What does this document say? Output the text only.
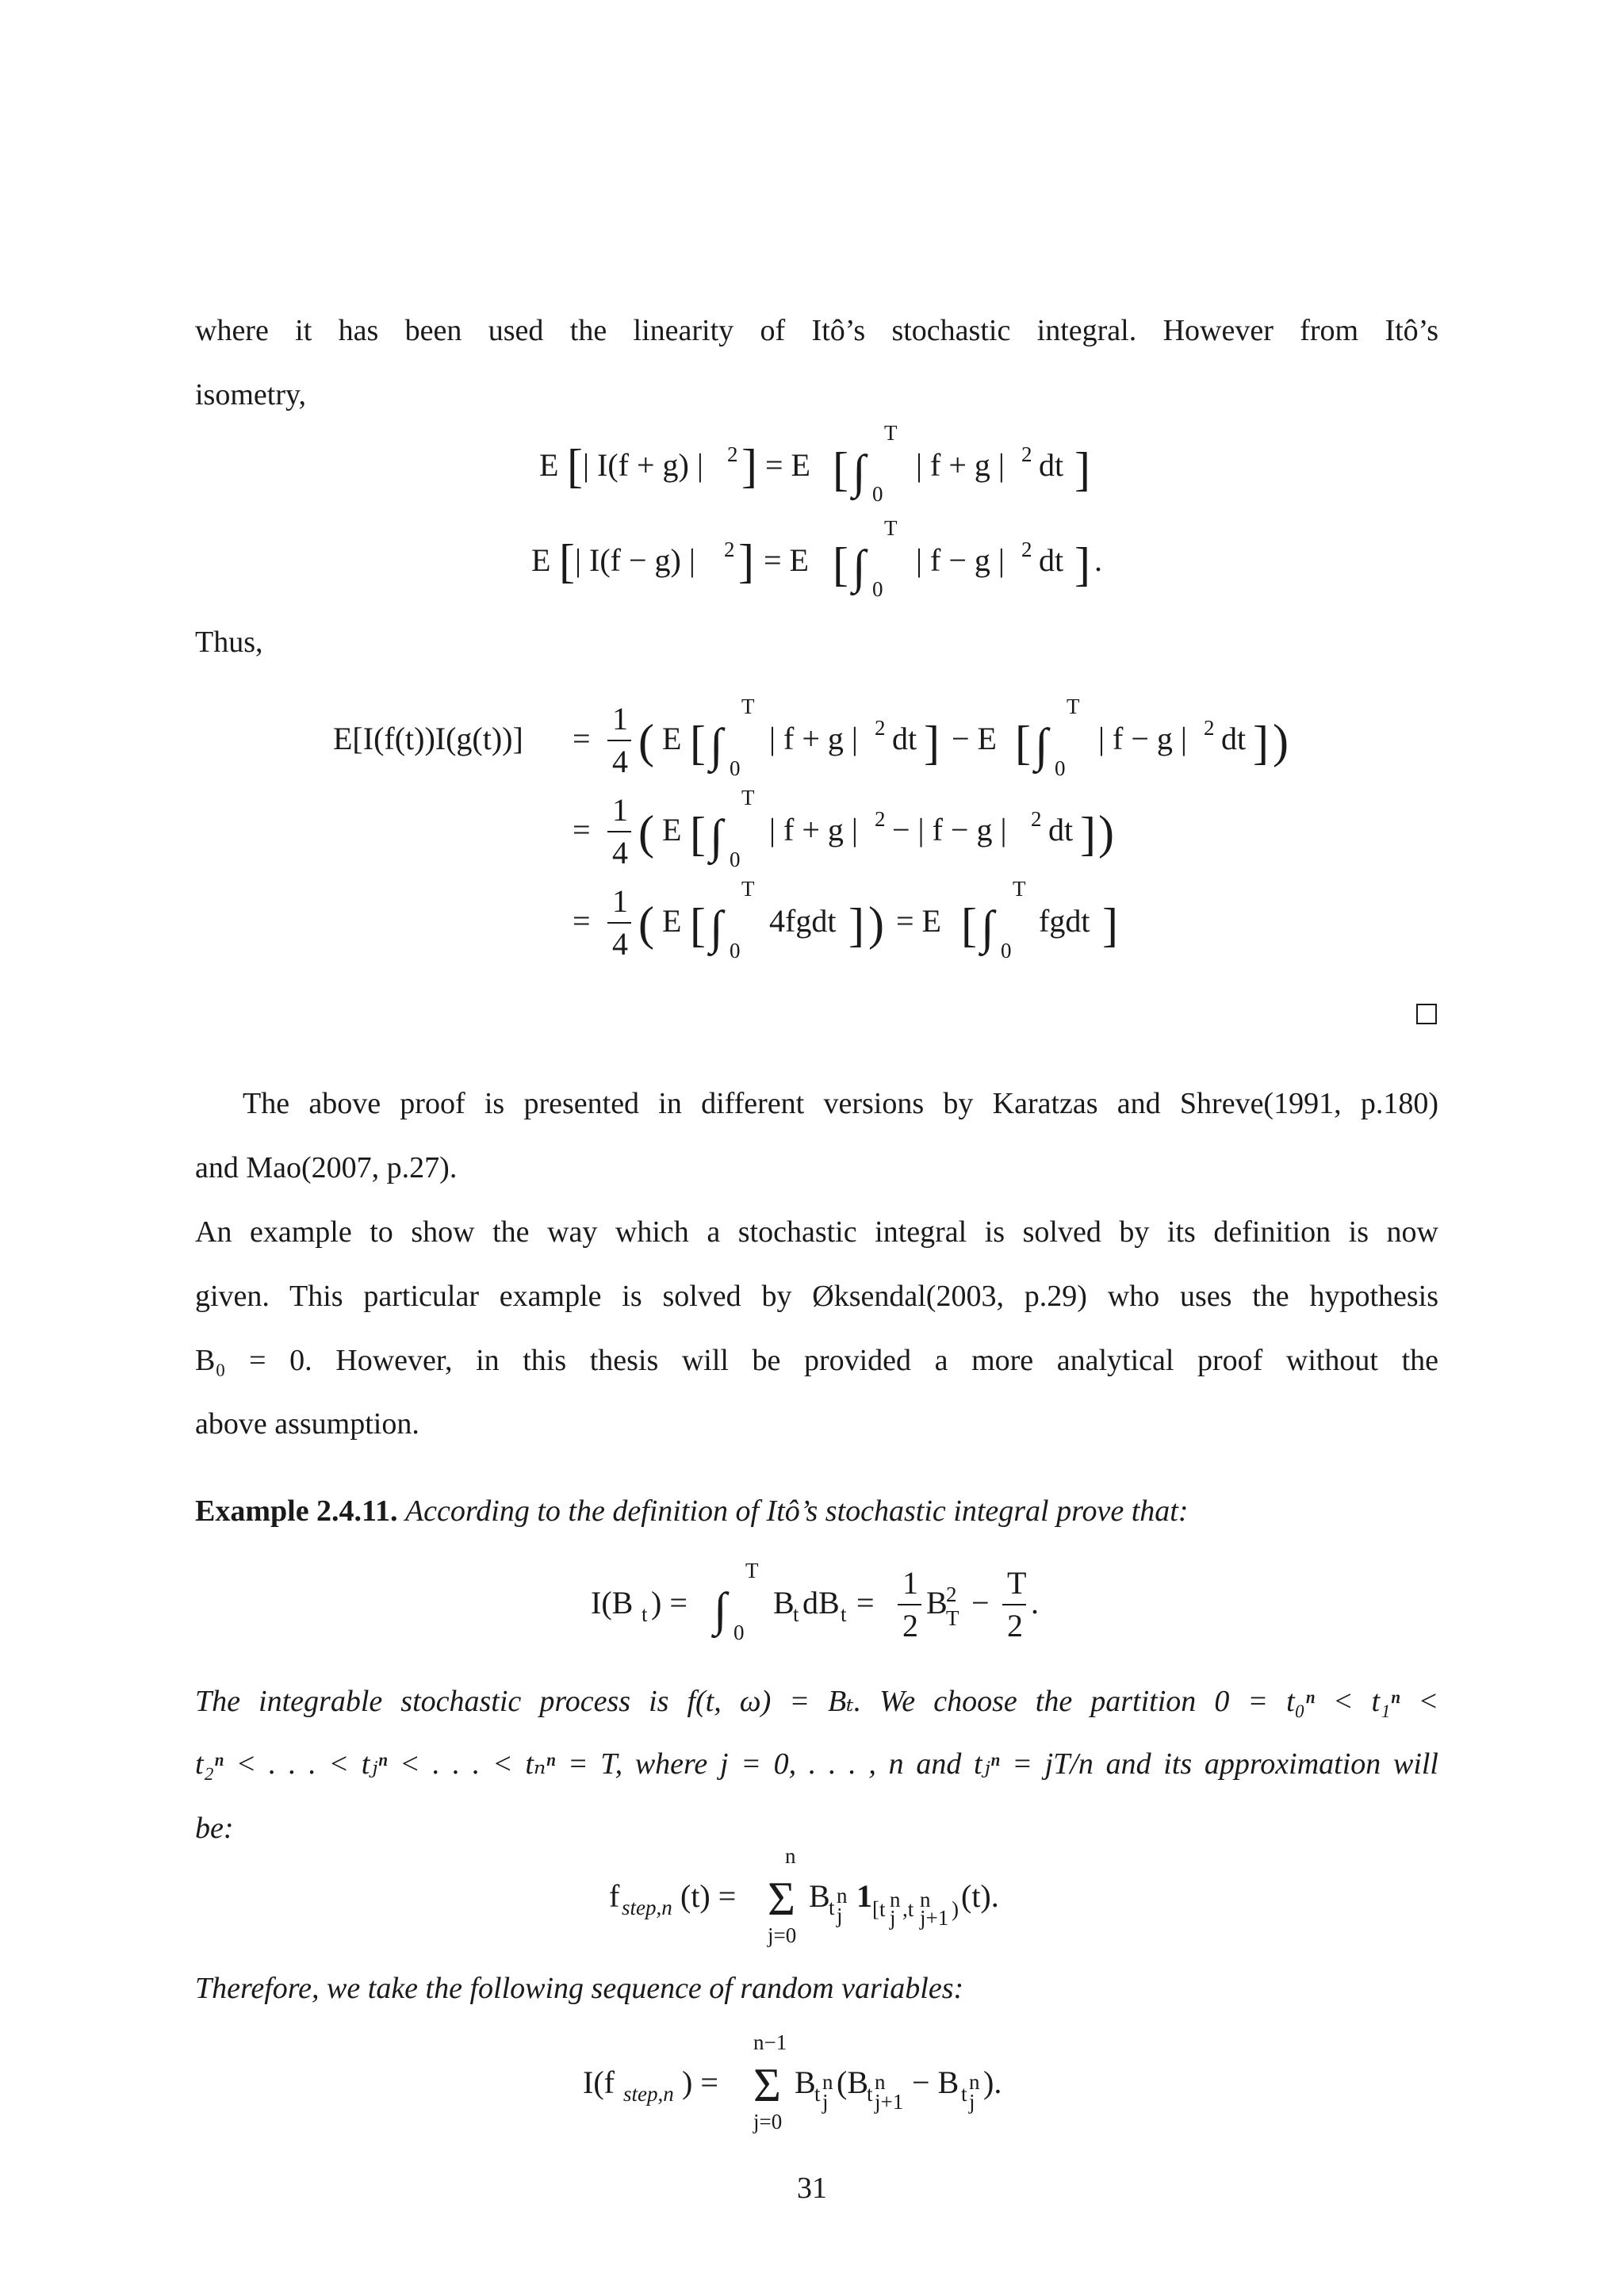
where it has been used the linearity of Itô’s stochastic integral. However from Itô’s

isometry,

E [ | I(f + g) | 2 ] = E [ ∫
T
0
| f + g | 2 dt ]
E [ | I(f − g) | 2 ] = E [ ∫
T
0
| f − g | 2 dt ] .

Thus,

E[I(f(t))I(g(t))] =
1
4 ( E [ ∫
T
0
| f + g | 2 dt ] − E [ ∫
T
0
| f − g | 2 dt ] )
=
1
4 ( E [ ∫
T
0
| f + g | 2 − | f − g | 2 dt ] )
=
1
4 ( E [ ∫
T
0
4fgdt ] ) = E [ ∫
T
0
fgdt ]

The above proof is presented in different versions by Karatzas and Shreve(1991, p.180)

and Mao(2007, p.27).

An example to show the way which a stochastic integral is solved by its definition is now

given. This particular example is solved by Øksendal(2003, p.29) who uses the hypothesis

B₀ = 0. However, in this thesis will be provided a more analytical proof without the

above assumption.

Example 2.4.11. According to the definition of Itô’s stochastic integral prove that:

I(B t ) = ∫
T
0
B
t dB t =
1
2
B
2
T −
T
2
.

The integrable stochastic process is f(t, ω) = Bₜ. We choose the partition 0 = t₀ⁿ < t₁ⁿ <

t₂ⁿ < . . . < tⱼⁿ < . . . < tₙⁿ = T, where j = 0, . . . , n and tⱼⁿ = jT/n and its approximation will

be:

f step,n (t) =
n
Σ
j=0
B
t n
j
1 [t n
j ,t n
j+1 ) (t).

Therefore, we take the following sequence of random variables:

I(f step,n ) =
n−1
Σ
j=0
B
t n
j
(B
t n
j+1
− B t n
j
).
31
